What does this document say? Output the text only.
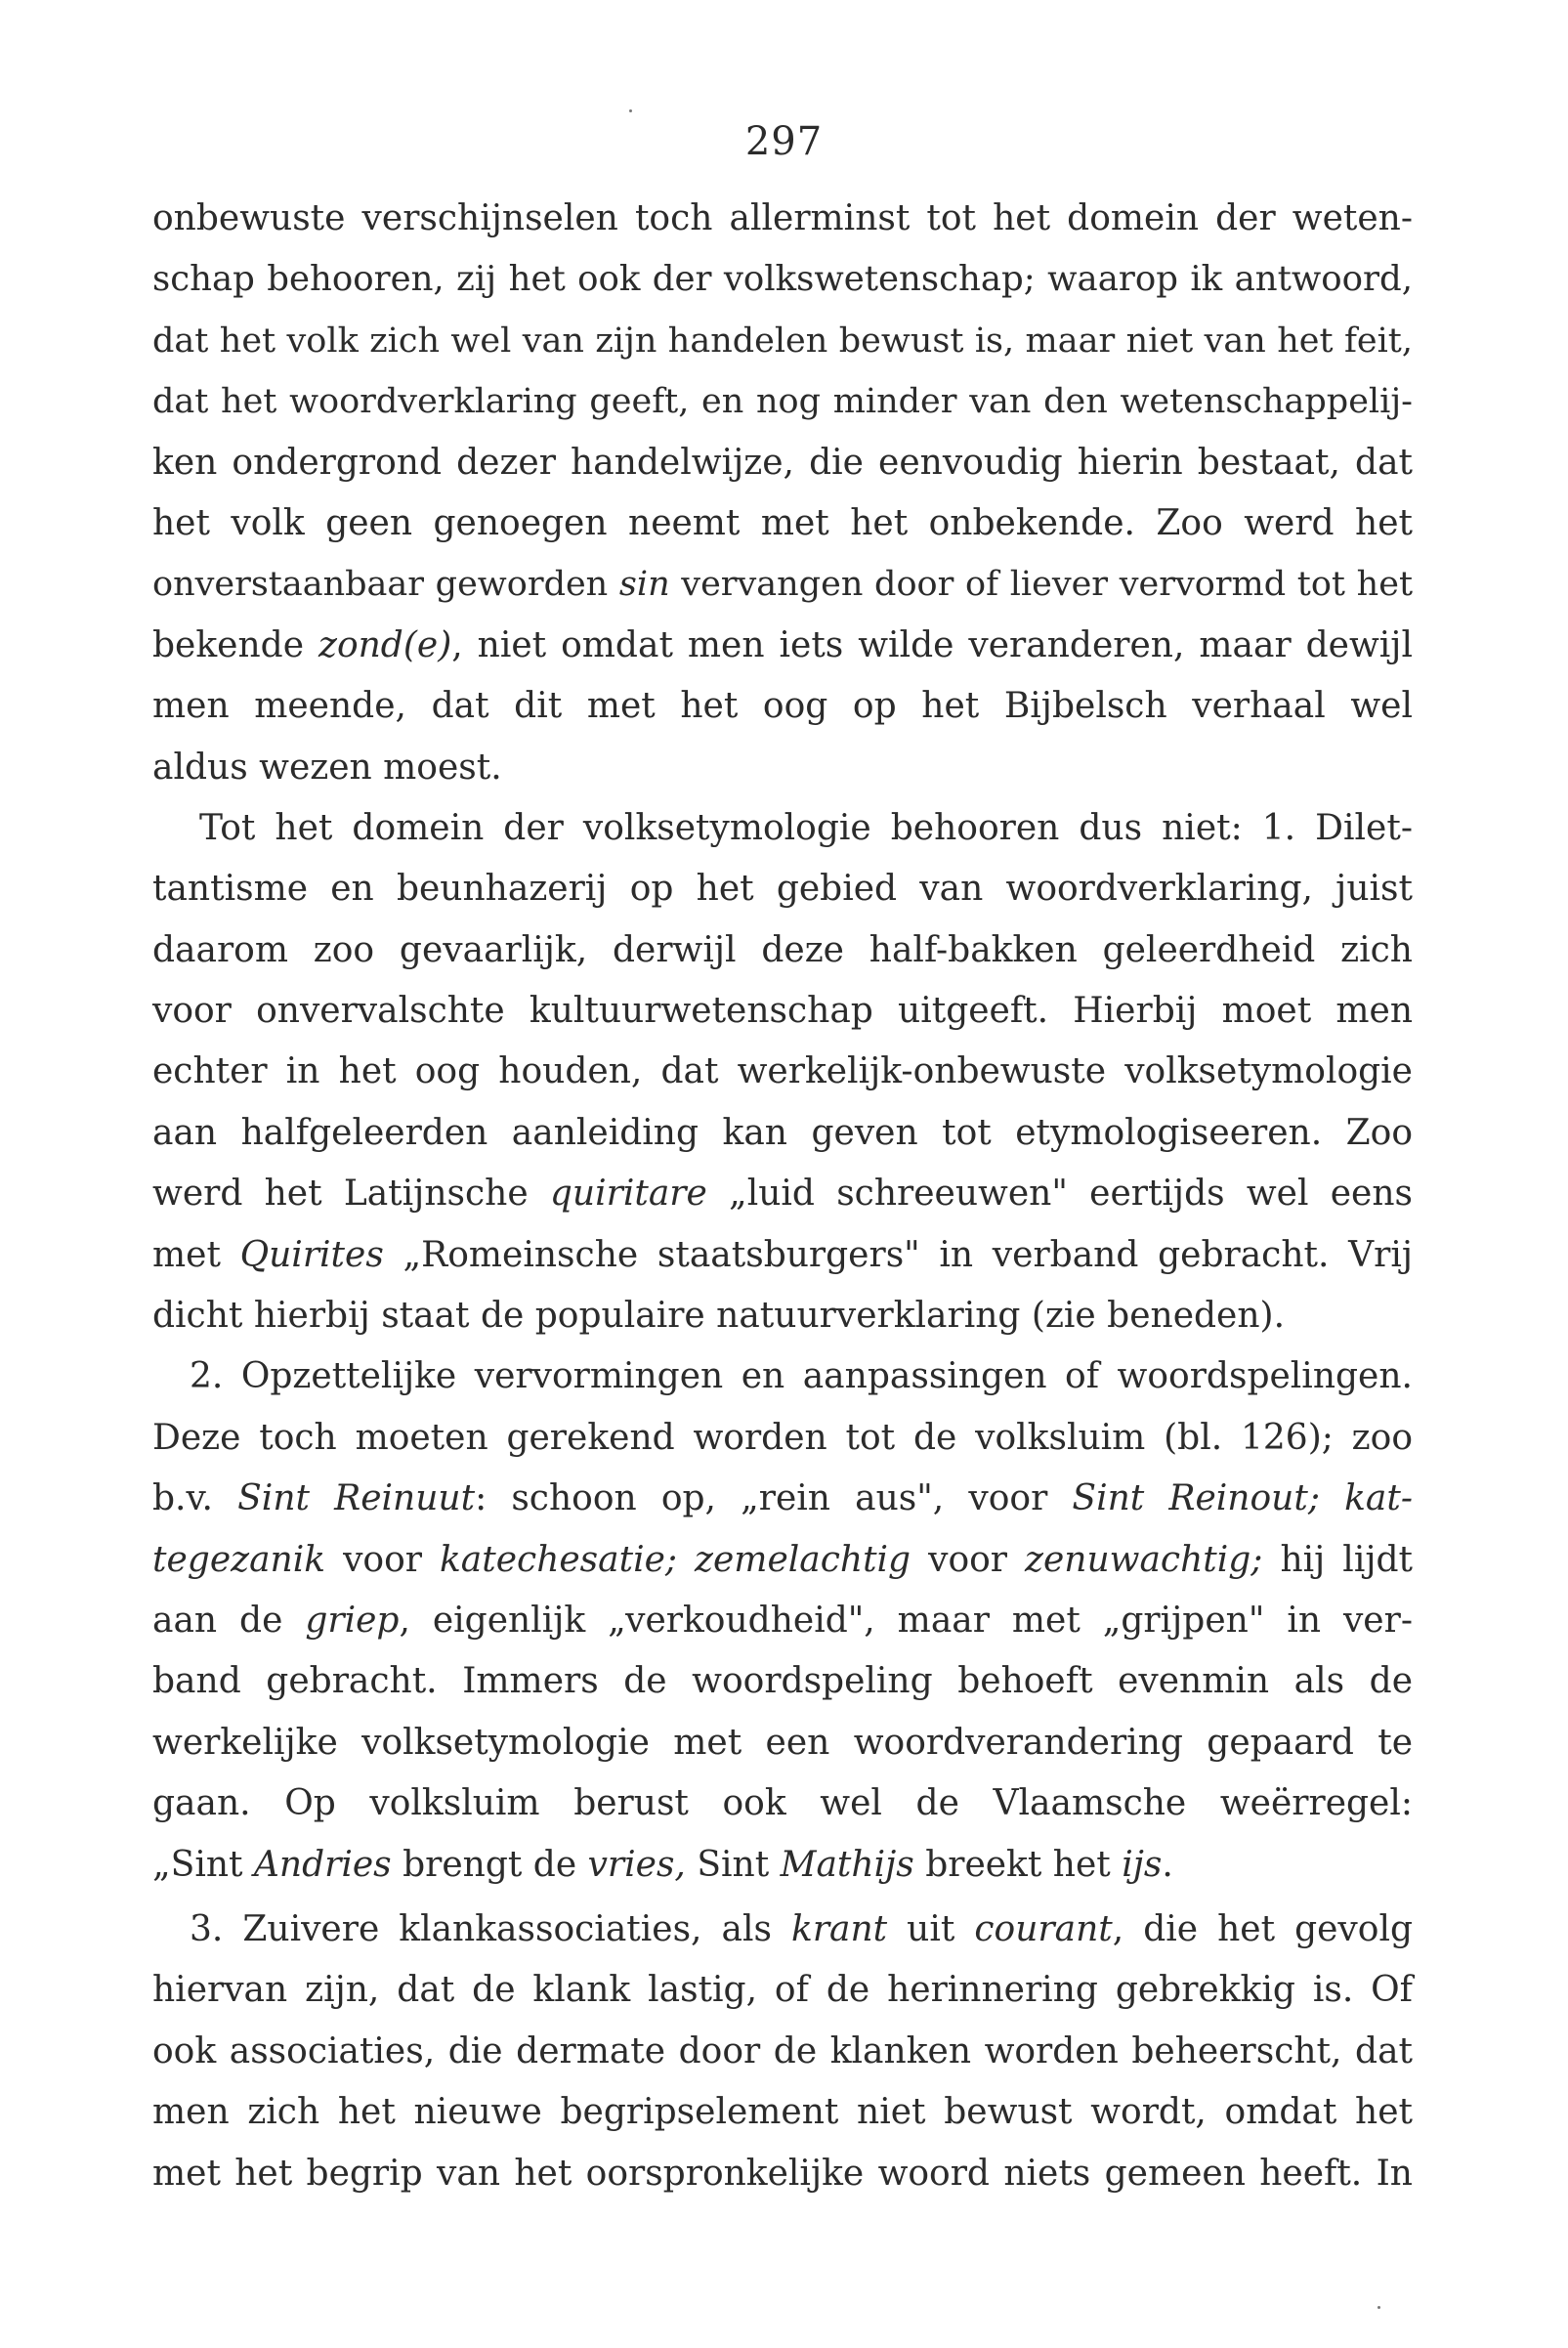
297
onbewuste verschijnselen toch allerminst tot het domein der weten-
schap behooren, zij het ook der volkswetenschap; waarop ik antwoord,
dat het volk zich wel van zijn handelen bewust is, maar niet van het feit,
dat het woordverklaring geeft, en nog minder van den wetenschappelij-
ken ondergrond dezer handelwijze, die eenvoudig hierin bestaat, dat
het volk geen genoegen neemt met het onbekende. Zoo werd het
onverstaanbaar geworden sin vervangen door of liever vervormd tot het
bekende zond(e), niet omdat men iets wilde veranderen, maar dewijl
men meende, dat dit met het oog op het Bijbelsch verhaal wel
aldus wezen moest.
Tot het domein der volksetymologie behooren dus niet: 1. Dilet-
tantisme en beunhazerij op het gebied van woordverklaring, juist
daarom zoo gevaarlijk, derwijl deze half-bakken geleerdheid zich
voor onvervalschte kultuurwetenschap uitgeeft. Hierbij moet men
echter in het oog houden, dat werkelijk-onbewuste volksetymologie
aan halfgeleerden aanleiding kan geven tot etymologiseeren. Zoo
werd het Latijnsche quiritare „luid schreeuwen" eertijds wel eens
met Quirites „Romeinsche staatsburgers" in verband gebracht. Vrij
dicht hierbij staat de populaire natuurverklaring (zie beneden).
2. Opzettelijke vervormingen en aanpassingen of woordspelingen.
Deze toch moeten gerekend worden tot de volksluim (bl. 126); zoo
b.v. Sint Reinuut: schoon op, „rein aus", voor Sint Reinout; kat-
tegezanik voor katechesatie; zemelachtig voor zenuwachtig; hij lijdt
aan de griep, eigenlijk „verkoudheid", maar met „grijpen" in ver-
band gebracht. Immers de woordspeling behoeft evenmin als de
werkelijke volksetymologie met een woordverandering gepaard te
gaan. Op volksluim berust ook wel de Vlaamsche weërregel:
„Sint Andries brengt de vries, Sint Mathijs breekt het ijs.
3. Zuivere klankassociaties, als krant uit courant, die het gevolg
hiervan zijn, dat de klank lastig, of de herinnering gebrekkig is. Of
ook associaties, die dermate door de klanken worden beheerscht, dat
men zich het nieuwe begripselement niet bewust wordt, omdat het
met het begrip van het oorspronkelijke woord niets gemeen heeft. In
